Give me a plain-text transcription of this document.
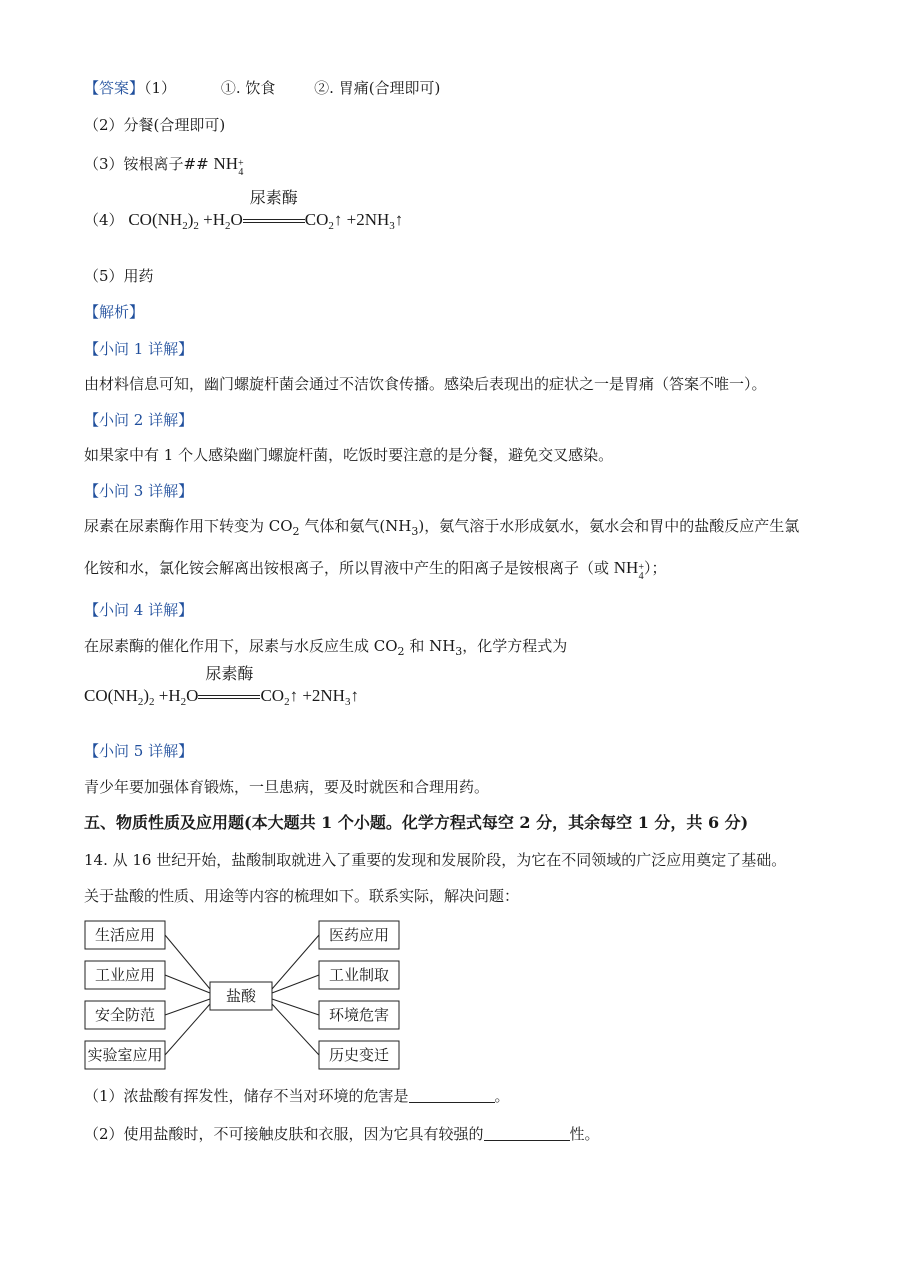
【答案】（1）	①. 饮食	②. 胃痛(合理即可)
（2）分餐(合理即可)
（3）铵根离子## NH+
4
（4） $CO(NH_2)_2 +H_2O$
尿素酶
$CO_2↑$ $+2NH_3↑$
（5）用药
【解析】
【小问 1 详解】
由材料信息可知，幽门螺旋杆菌会通过不洁饮食传播。感染后表现出的症状之一是胃痛（答案不唯一）。
【小问 2 详解】
如果家中有 1 个人感染幽门螺旋杆菌，吃饭时要注意的是分餐，避免交叉感染。
【小问 3 详解】
尿素在尿素酶作用下转变为 $CO_2$ 气体和氨气$(NH_3)$，氨气溶于水形成氨水，氨水会和胃中的盐酸反应产生氯
化铵和水，氯化铵会解离出铵根离子，所以胃液中产生的阳离子是铵根离子（或 NH+
4）；
【小问 4 详解】
在尿素酶的催化作用下，尿素与水反应生成 $CO_2$ 和 $NH_3$，化学方程式为
$CO(NH_2)_2 +H_2O$
尿素酶
$CO_2↑$ $+2NH_3↑$
【小问 5 详解】
青少年要加强体育锻炼，一旦患病，要及时就医和合理用药。
五、物质性质及应用题(本大题共 1 个小题。化学方程式每空 2 分，其余每空 1 分，共 6 分)
14. 从 16 世纪开始，盐酸制取就进入了重要的发现和发展阶段，为它在不同领域的广泛应用奠定了基础。
关于盐酸的性质、用途等内容的梳理如下。联系实际，解决问题：
生活应用
工业应用
安全防范
实验室应用
盐酸
医药应用
工业制取
环境危害
历史变迁
（1）浓盐酸有挥发性，储存不当对环境的危害是	。
（2）使用盐酸时，不可接触皮肤和衣服，因为它具有较强的	性。
